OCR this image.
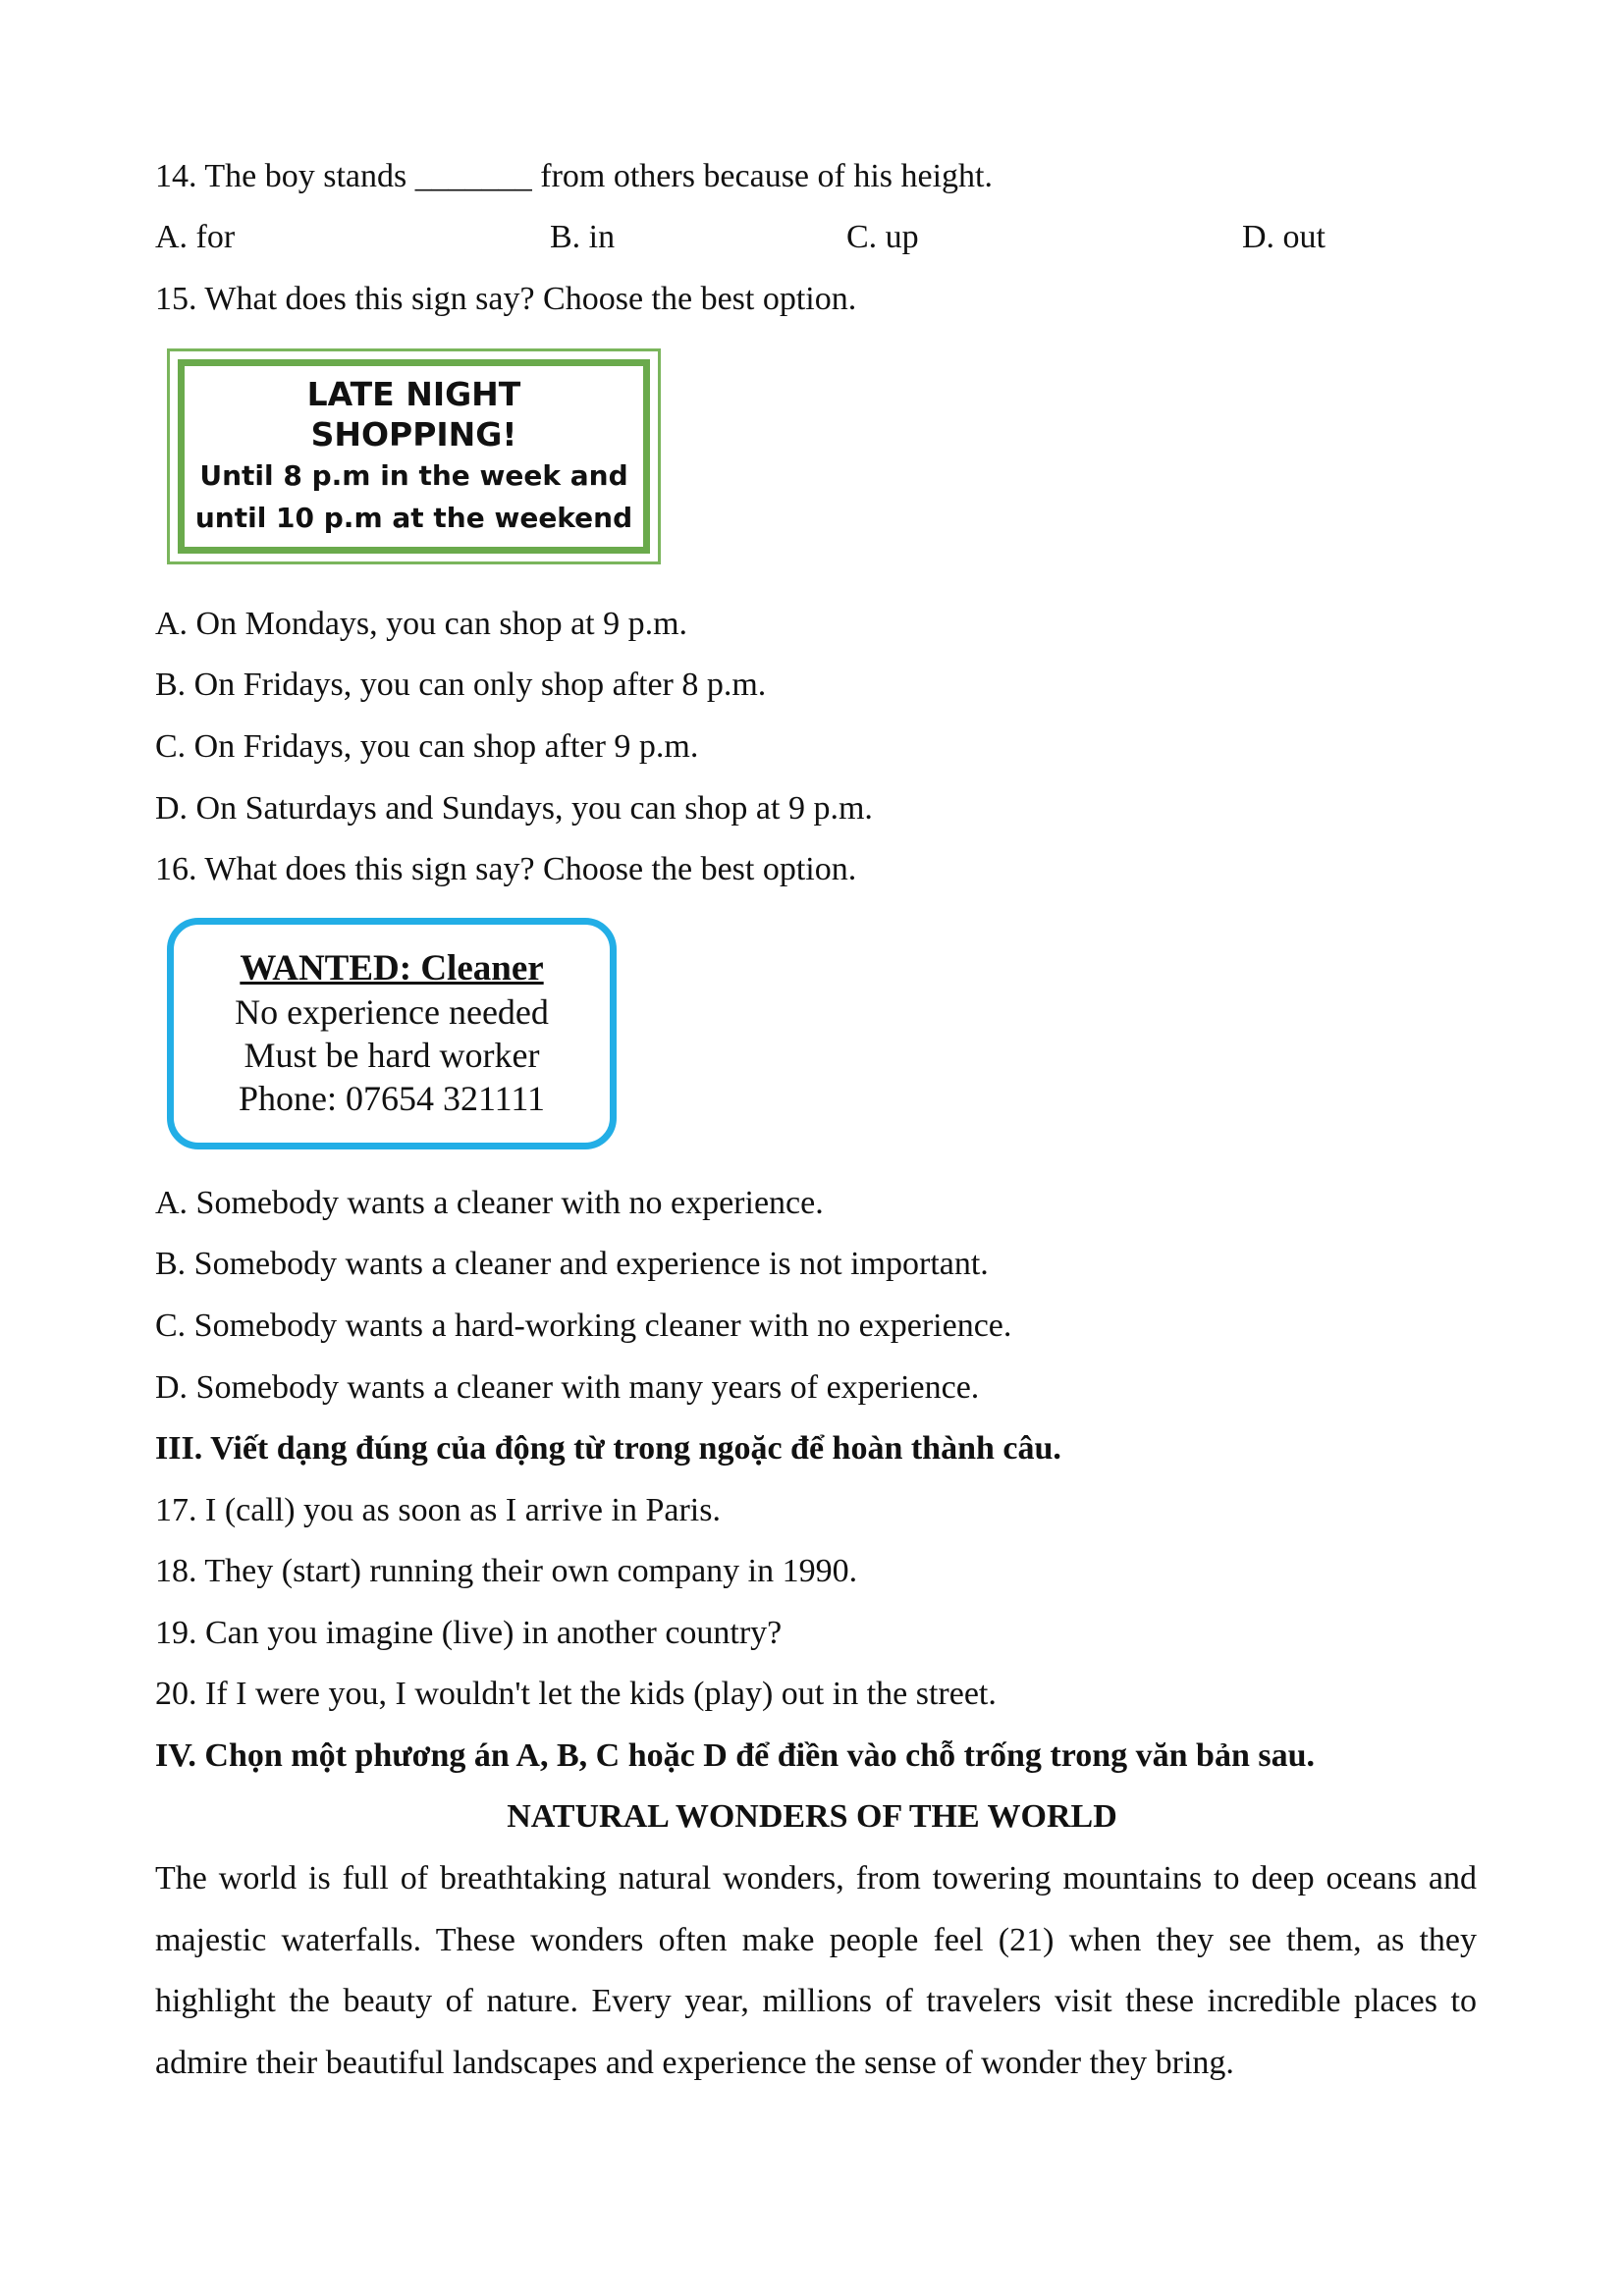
14. The boy stands _______ from others because of his height.
A. for	B. in	C. up	D. out
15. What does this sign say? Choose the best option.
LATE NIGHT
SHOPPING!
Until 8 p.m in the week and
until 10 p.m at the weekend
A. On Mondays, you can shop at 9 p.m.
B. On Fridays, you can only shop after 8 p.m.
C. On Fridays, you can shop after 9 p.m.
D. On Saturdays and Sundays, you can shop at 9 p.m.
16. What does this sign say? Choose the best option.
WANTED: Cleaner
No experience needed
Must be hard worker
Phone: 07654 321111
A. Somebody wants a cleaner with no experience.
B. Somebody wants a cleaner and experience is not important.
C. Somebody wants a hard-working cleaner with no experience.
D. Somebody wants a cleaner with many years of experience.
III. Viết dạng đúng của động từ trong ngoặc để hoàn thành câu.
17. I (call) you as soon as I arrive in Paris.
18. They (start) running their own company in 1990.
19. Can you imagine (live) in another country?
20. If I were you, I wouldn't let the kids (play) out in the street.
IV. Chọn một phương án A, B, C hoặc D để điền vào chỗ trống trong văn bản sau.
NATURAL WONDERS OF THE WORLD
The world is full of breathtaking natural wonders, from towering mountains to deep oceans and majestic waterfalls. These wonders often make people feel (21) when they see them, as they highlight the beauty of nature. Every year, millions of travelers visit these incredible places to admire their beautiful landscapes and experience the sense of wonder they bring.
